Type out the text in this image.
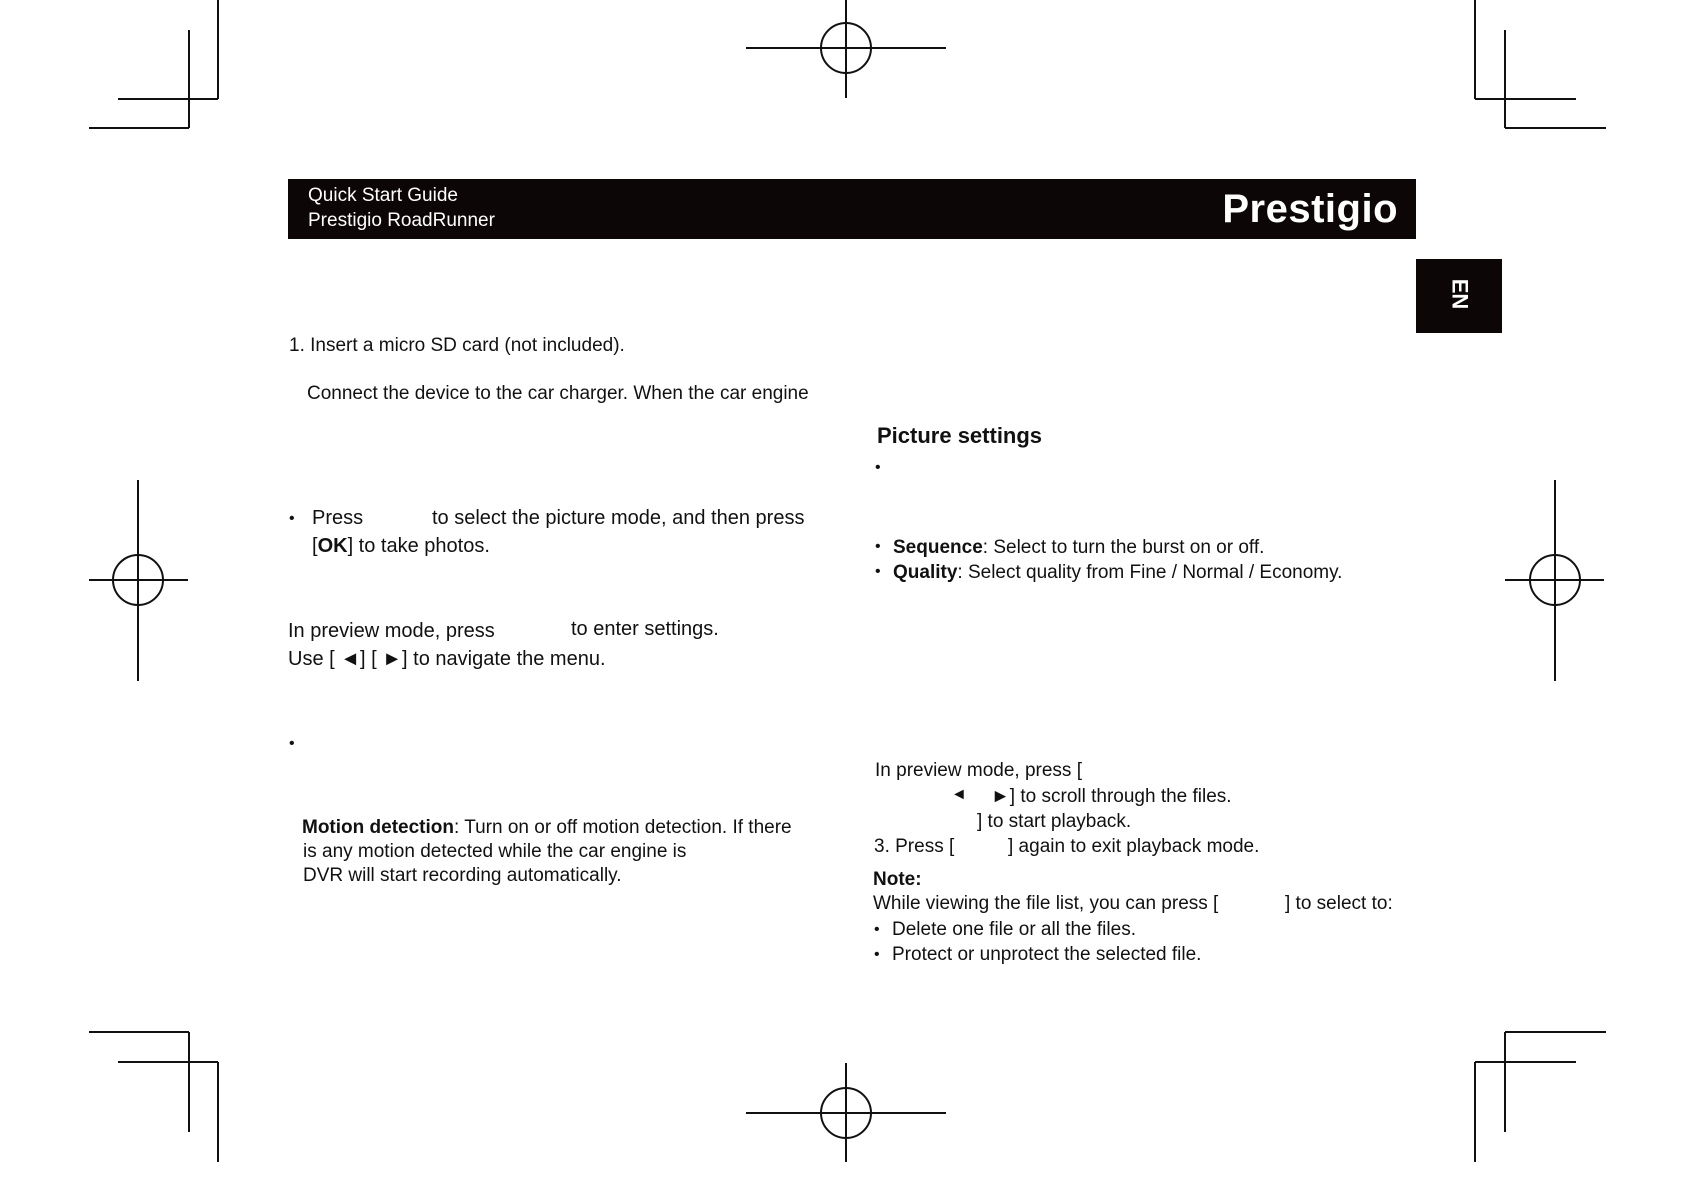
Quick Start Guide
Prestigio RoadRunner	Prestigio
EN
1. Insert a micro SD card (not included).
Connect the device to the car charger. When the car engine
• Press	to select the picture mode, and then press
[OK] to take photos.
In preview mode, press	to enter settings.
Use [ ◄] [ ►] to navigate the menu.
•
Motion detection: Turn on or off motion detection. If there
is any motion detected while the car engine is
DVR will start recording automatically.
Picture settings
•
• Sequence: Select to turn the burst on or off.
• Quality: Select quality from Fine / Normal / Economy.
In preview mode, press [
◄ ►] to scroll through the files.
] to start playback.
3. Press [	] again to exit playback mode.
Note:
While viewing the file list, you can press [	] to select to:
• Delete one file or all the files.
• Protect or unprotect the selected file.
